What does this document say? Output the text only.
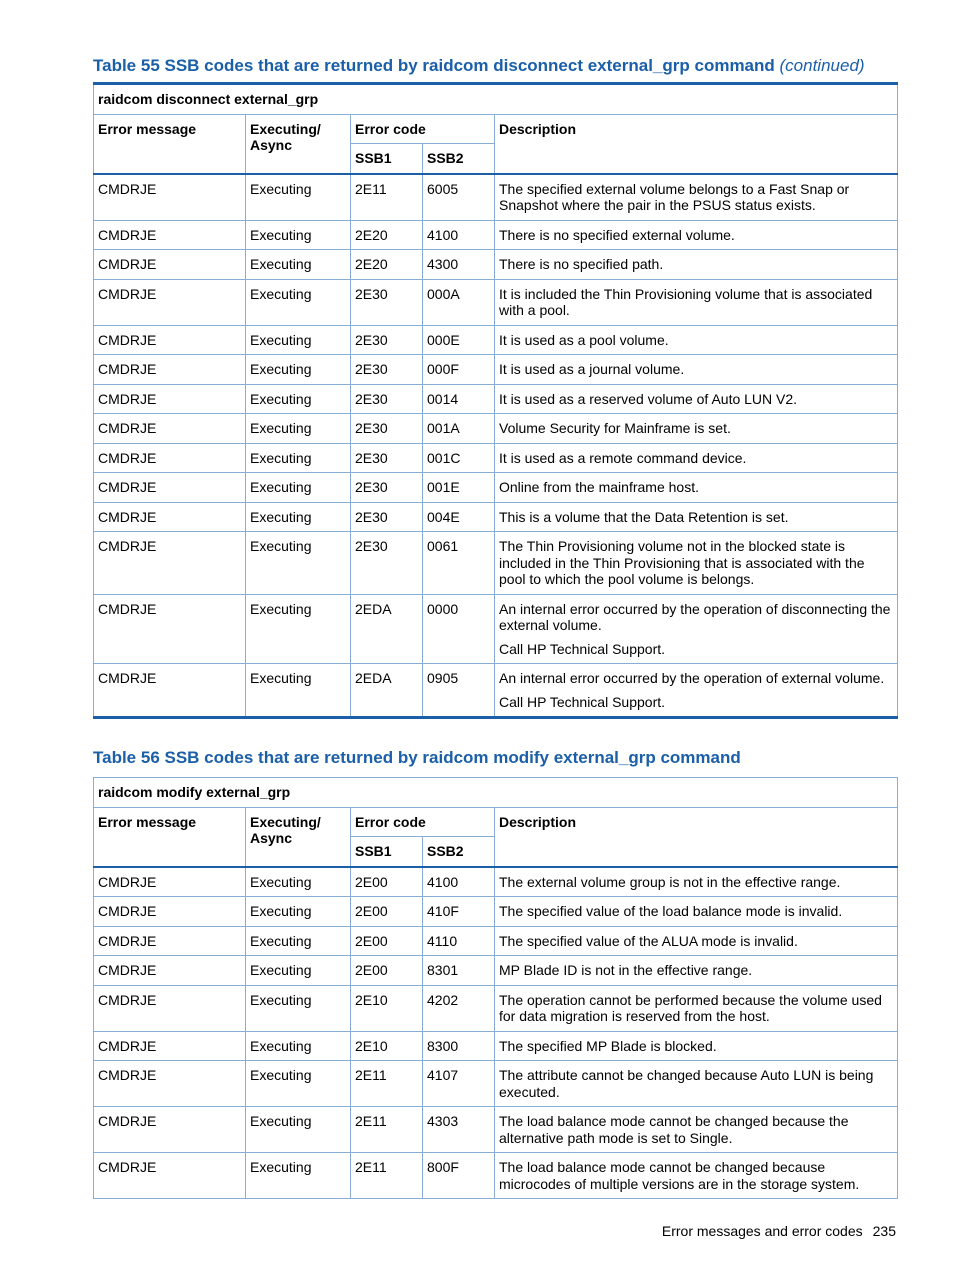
Table 55 SSB codes that are returned by raidcom disconnect external_grp command (continued)
raidcom disconnect external_grp				
Error message	Executing/ Async	Error code		Description
		SSB1	SSB2	
CMDRJE	Executing	2E11	6005	The specified external volume belongs to a Fast Snap or Snapshot where the pair in the PSUS status exists.

CMDRJE	Executing	2E20	4100	There is no specified external volume.

CMDRJE	Executing	2E20	4300	There is no specified path.

CMDRJE	Executing	2E30	000A	It is included the Thin Provisioning volume that is associated with a pool.

CMDRJE	Executing	2E30	000E	It is used as a pool volume.

CMDRJE	Executing	2E30	000F	It is used as a journal volume.

CMDRJE	Executing	2E30	0014	It is used as a reserved volume of Auto LUN V2.

CMDRJE	Executing	2E30	001A	Volume Security for Mainframe is set.

CMDRJE	Executing	2E30	001C	It is used as a remote command device.

CMDRJE	Executing	2E30	001E	Online from the mainframe host.

CMDRJE	Executing	2E30	004E	This is a volume that the Data Retention is set.

CMDRJE	Executing	2E30	0061	The Thin Provisioning volume not in the blocked state is included in the Thin Provisioning that is associated with the pool to which the pool volume is belongs.

CMDRJE	Executing	2EDA	0000	An internal error occurred by the operation of disconnecting the external volume.

Call HP Technical Support.

CMDRJE	Executing	2EDA	0905	An internal error occurred by the operation of external volume.

Call HP Technical Support.

Table 56 SSB codes that are returned by raidcom modify external_grp command
raidcom modify external_grp				
Error message	Executing/ Async	Error code		Description
		SSB1	SSB2	
CMDRJE	Executing	2E00	4100	The external volume group is not in the effective range.

CMDRJE	Executing	2E00	410F	The specified value of the load balance mode is invalid.

CMDRJE	Executing	2E00	4110	The specified value of the ALUA mode is invalid.

CMDRJE	Executing	2E00	8301	MP Blade ID is not in the effective range.

CMDRJE	Executing	2E10	4202	The operation cannot be performed because the volume used for data migration is reserved from the host.

CMDRJE	Executing	2E10	8300	The specified MP Blade is blocked.

CMDRJE	Executing	2E11	4107	The attribute cannot be changed because Auto LUN is being executed.

CMDRJE	Executing	2E11	4303	The load balance mode cannot be changed because the alternative path mode is set to Single.

CMDRJE	Executing	2E11	800F	The load balance mode cannot be changed because microcodes of multiple versions are in the storage system.

Error messages and error codes 235
